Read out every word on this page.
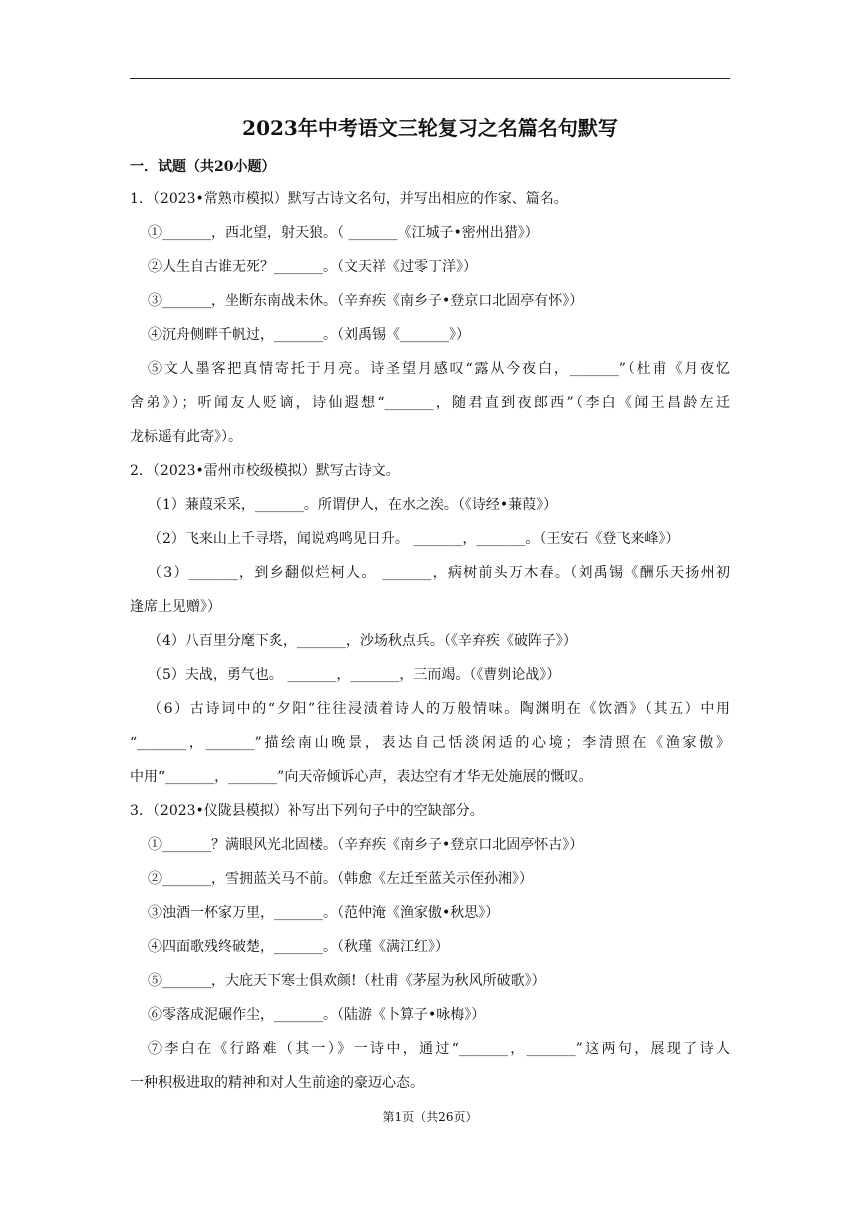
2023年中考语文三轮复习之名篇名句默写
一．试题（共20小题）
1．（2023•常熟市模拟）默写古诗文名句，并写出相应的作家、篇名。
①_______，西北望，射天狼。（ _______《江城子•密州出猎》）
②人生自古谁无死？_______。（文天祥《过零丁洋》）
③_______，坐断东南战未休。（辛弃疾《南乡子•登京口北固亭有怀》）
④沉舟侧畔千帆过，_______。（刘禹锡《_______》）
⑤文人墨客把真情寄托于月亮。诗圣望月感叹“露从今夜白，_______”（杜甫《月夜忆
舍弟》）；听闻友人贬谪，诗仙遐想“_______，随君直到夜郎西”（李白《闻王昌龄左迁
龙标遥有此寄》）。
2．（2023•雷州市校级模拟）默写古诗文。
（1）蒹葭采采，_______。所谓伊人，在水之涘。（《诗经•蒹葭》）
（2）飞来山上千寻塔，闻说鸡鸣见日升。 _______，_______。（王安石《登飞来峰》）
（3）_______，到乡翻似烂柯人。 _______，病树前头万木春。（刘禹锡《酬乐天扬州初
逢席上见赠》）
（4）八百里分麾下炙，_______，沙场秋点兵。（《辛弃疾《破阵子》）
（5）夫战，勇气也。 _______，_______，三而竭。（《曹刿论战》）
（6）古诗词中的“夕阳”往往浸渍着诗人的万般情味。陶渊明在《饮酒》（其五）中用
“_______，_______”描绘南山晚景，表达自己恬淡闲适的心境；李清照在《渔家傲》
中用“_______，_______”向天帝倾诉心声，表达空有才华无处施展的慨叹。
3．（2023•仪陇县模拟）补写出下列句子中的空缺部分。
①_______？满眼风光北固楼。（辛弃疾《南乡子•登京口北固亭怀古》）
②_______，雪拥蓝关马不前。（韩愈《左迁至蓝关示侄孙湘》）
③浊酒一杯家万里，_______。（范仲淹《渔家傲•秋思》）
④四面歌残终破楚，_______。（秋瑾《满江红》）
⑤_______，大庇天下寒士俱欢颜!（杜甫《茅屋为秋风所破歌》）
⑥零落成泥碾作尘，_______。（陆游《卜算子•咏梅》）
⑦李白在《行路难（其一）》一诗中，通过“_______，_______”这两句，展现了诗人
一种积极进取的精神和对人生前途的豪迈心态。
第1页（共26页）
